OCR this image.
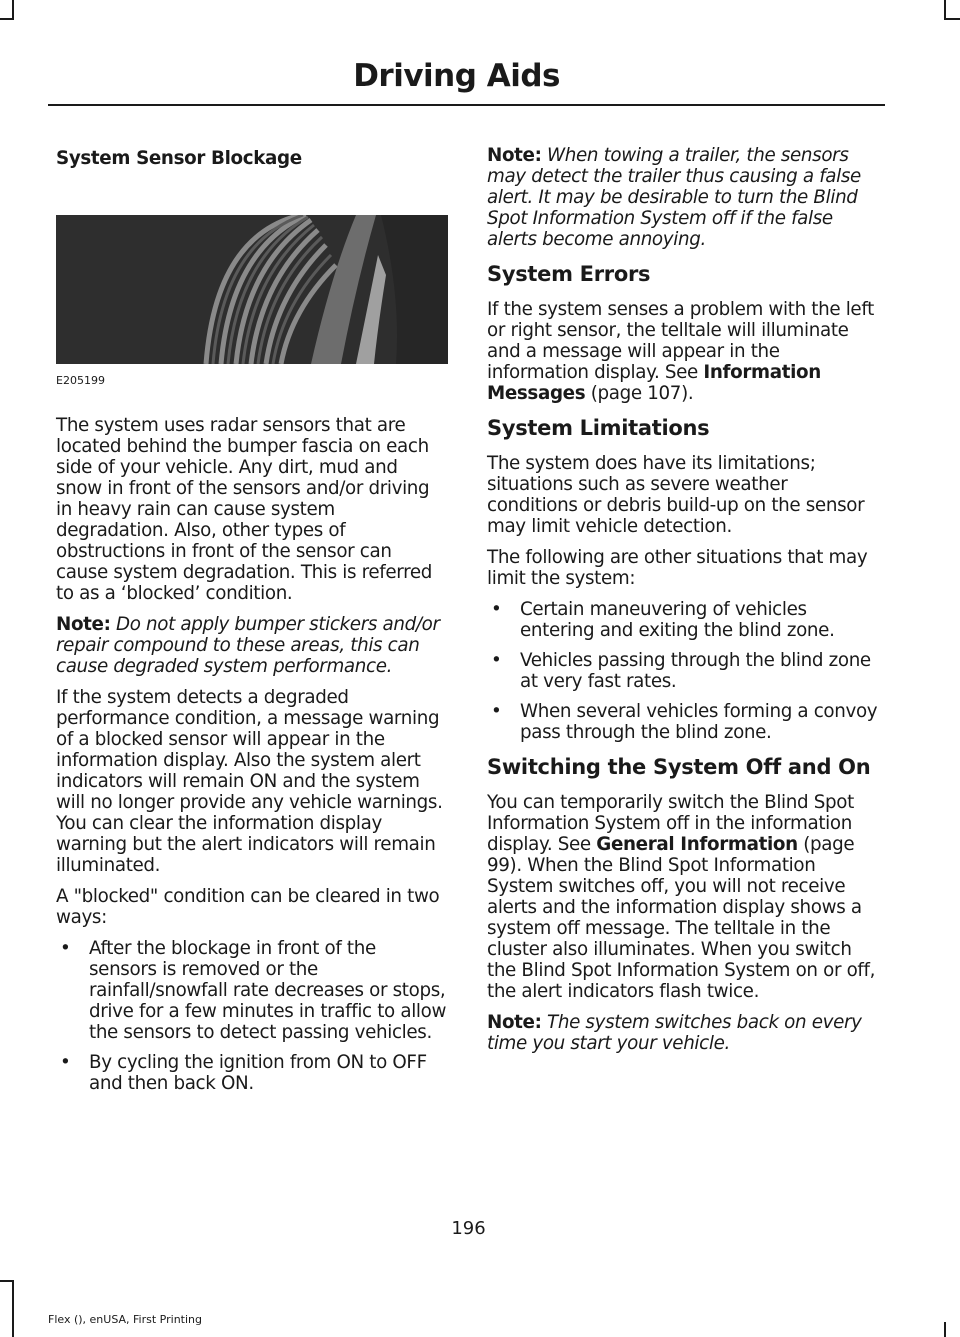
Driving Aids
System Sensor Blockage
E205199

The system uses radar sensors that are located behind the bumper fascia on each side of your vehicle. Any dirt, mud and snow in front of the sensors and/or driving in heavy rain can cause system degradation. Also, other types of obstructions in front of the sensor can cause system degradation. This is referred to as a ‘blocked’ condition.

Note: Do not apply bumper stickers and/or repair compound to these areas, this can cause degraded system performance.

If the system detects a degraded performance condition, a message warning of a blocked sensor will appear in the information display. Also the system alert indicators will remain ON and the system will no longer provide any vehicle warnings. You can clear the information display warning but the alert indicators will remain illuminated.

A "blocked" condition can be cleared in two ways:

• After the blockage in front of the sensors is removed or the rainfall/snowfall rate decreases or stops, drive for a few minutes in traffic to allow the sensors to detect passing vehicles.
• By cycling the ignition from ON to OFF and then back ON.

Note: When towing a trailer, the sensors may detect the trailer thus causing a false alert. It may be desirable to turn the Blind Spot Information System off if the false alerts become annoying.

System Errors

If the system senses a problem with the left or right sensor, the telltale will illuminate and a message will appear in the information display. See Information Messages (page 107).

System Limitations

The system does have its limitations; situations such as severe weather conditions or debris build-up on the sensor may limit vehicle detection.

The following are other situations that may limit the system:

• Certain maneuvering of vehicles entering and exiting the blind zone.
• Vehicles passing through the blind zone at very fast rates.
• When several vehicles forming a convoy pass through the blind zone.
Switching the System Off and On

You can temporarily switch the Blind Spot Information System off in the information display. See General Information (page 99). When the Blind Spot Information System switches off, you will not receive alerts and the information display shows a system off message. The telltale in the cluster also illuminates. When you switch the Blind Spot Information System on or off, the alert indicators flash twice.

Note: The system switches back on every time you start your vehicle.

196
Flex (), enUSA, First Printing
